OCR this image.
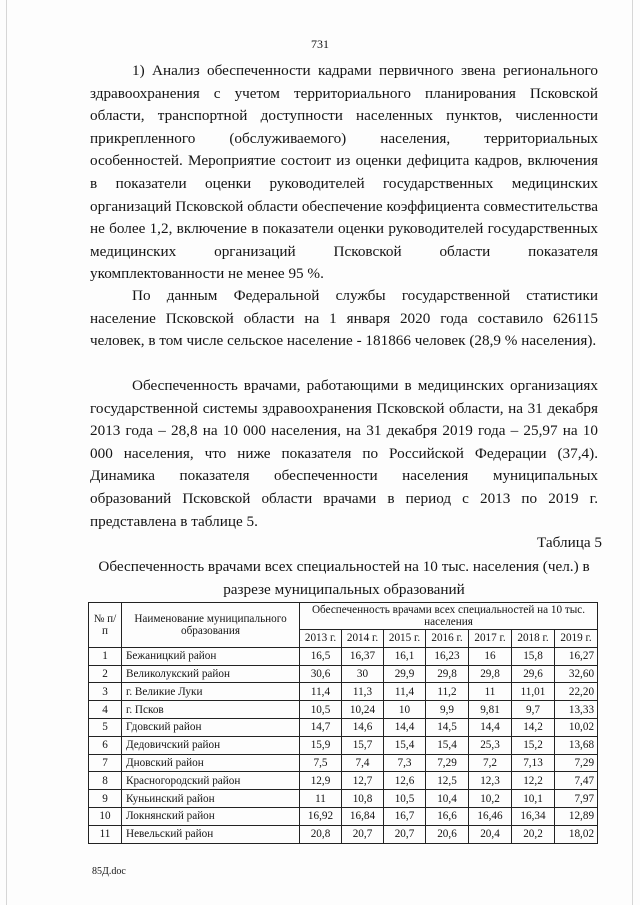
731

1) Анализ обеспеченности кадрами первичного звена регионального здравоохранения с учетом территориального планирования Псковской области, транспортной доступности населенных пунктов, численности прикрепленного (обслуживаемого) населения, территориальных особенностей. Мероприятие состоит из оценки дефицита кадров, включения в показатели оценки руководителей государственных медицинских организаций Псковской области обеспечение коэффициента совместительства не более 1,2, включение в показатели оценки руководителей государственных медицинских организаций Псковской области показателя укомплектованности не менее 95 %.

По данным Федеральной службы государственной статистики население Псковской области на 1 января 2020 года составило 626115 человек, в том числе сельское население - 181866 человек (28,9 % населения).

Обеспеченность врачами, работающими в медицинских организациях государственной системы здравоохранения Псковской области, на 31 декабря 2013 года – 28,8 на 10 000 населения, на 31 декабря 2019 года – 25,97 на 10 000 населения, что ниже показателя по Российской Федерации (37,4). Динамика показателя обеспеченности населения муниципальных образований Псковской области врачами в период с 2013 по 2019 г. представлена в таблице 5.

Таблица 5
Обеспеченность врачами всех специальностей на 10 тыс. населения (чел.) в разрезе муниципальных образований
№ п/п	Наименование муниципального образования	Обеспеченность врачами всех специальностей на 10 тыс. населения						
		2013 г.	2014 г.	2015 г.	2016 г.	2017 г.	2018 г.	2019 г.
1	Бежаницкий район	16,5	16,37	16,1	16,23	16	15,8	16,27
2	Великолукский район	30,6	30	29,9	29,8	29,8	29,6	32,60
3	г. Великие Луки	11,4	11,3	11,4	11,2	11	11,01	22,20
4	г. Псков	10,5	10,24	10	9,9	9,81	9,7	13,33
5	Гдовский район	14,7	14,6	14,4	14,5	14,4	14,2	10,02
6	Дедовичский район	15,9	15,7	15,4	15,4	25,3	15,2	13,68
7	Дновский район	7,5	7,4	7,3	7,29	7,2	7,13	7,29
8	Красногородский район	12,9	12,7	12,6	12,5	12,3	12,2	7,47
9	Куньинский район	11	10,8	10,5	10,4	10,2	10,1	7,97
10	Локнянский район	16,92	16,84	16,7	16,6	16,46	16,34	12,89
11	Невельский район	20,8	20,7	20,7	20,6	20,4	20,2	18,02
85Д.doc
